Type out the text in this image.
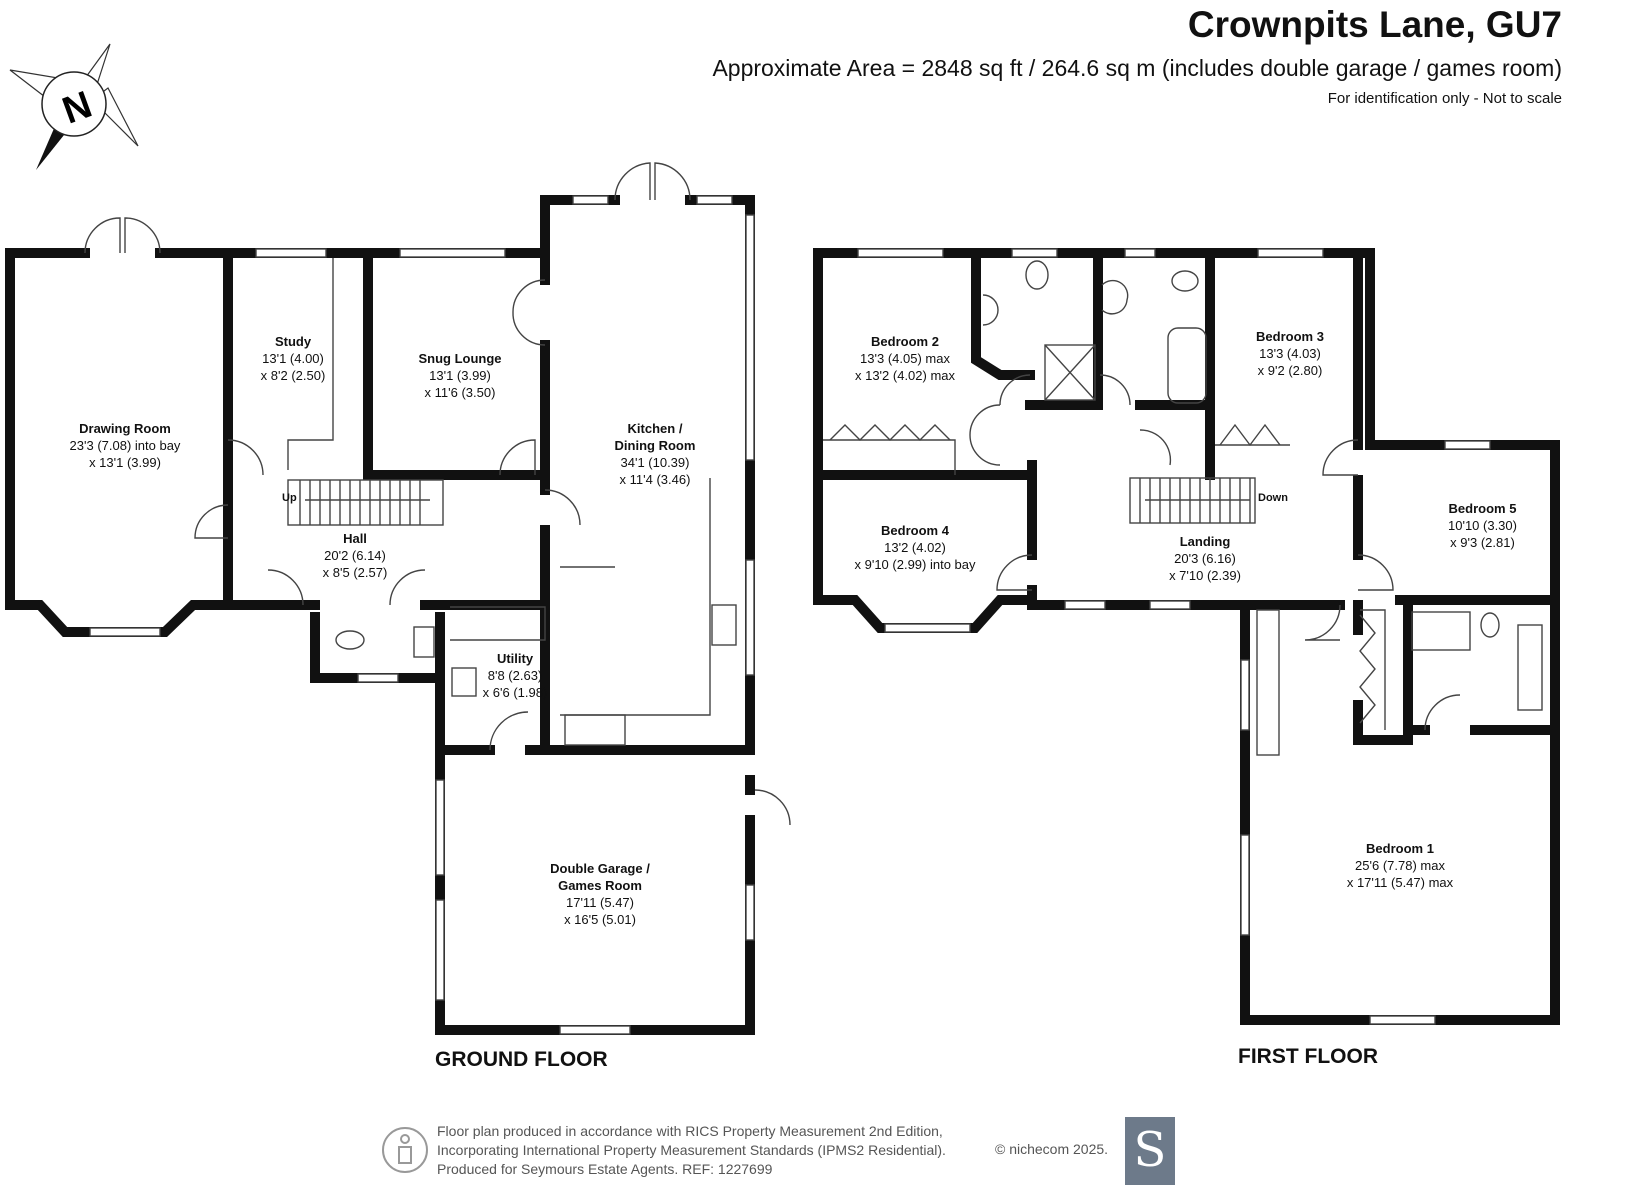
Crownpits Lane, GU7
Approximate Area = 2848 sq ft / 264.6 sq m (includes double garage / games room)
For identification only - Not to scale
N
Drawing Room
23'3 (7.08) into bay
x 13'1 (3.99)
Study
13'1 (4.00)
x 8'2 (2.50)
Snug Lounge
13'1 (3.99)
x 11'6 (3.50)
Kitchen /
Dining Room
34'1 (10.39)
x 11'4 (3.46)
Hall
20'2 (6.14)
x 8'5 (2.57)
Utility
8'8 (2.63)
x 6'6 (1.98)
Double Garage /
Games Room
17'11 (5.47)
x 16'5 (5.01)
Up
GROUND FLOOR
Bedroom 2
13'3 (4.05) max
x 13'2 (4.02) max
Bedroom 3
13'3 (4.03)
x 9'2 (2.80)
Bedroom 4
13'2 (4.02)
x 9'10 (2.99) into bay
Bedroom 5
10'10 (3.30)
x 9'3 (2.81)
Landing
20'3 (6.16)
x 7'10 (2.39)
Bedroom 1
25'6 (7.78) max
x 17'11 (5.47) max
Down
FIRST FLOOR
Floor plan produced in accordance with RICS Property Measurement 2nd Edition,
Incorporating International Property Measurement Standards (IPMS2 Residential).
Produced for Seymours Estate Agents. REF: 1227699
© nichecom 2025. S
